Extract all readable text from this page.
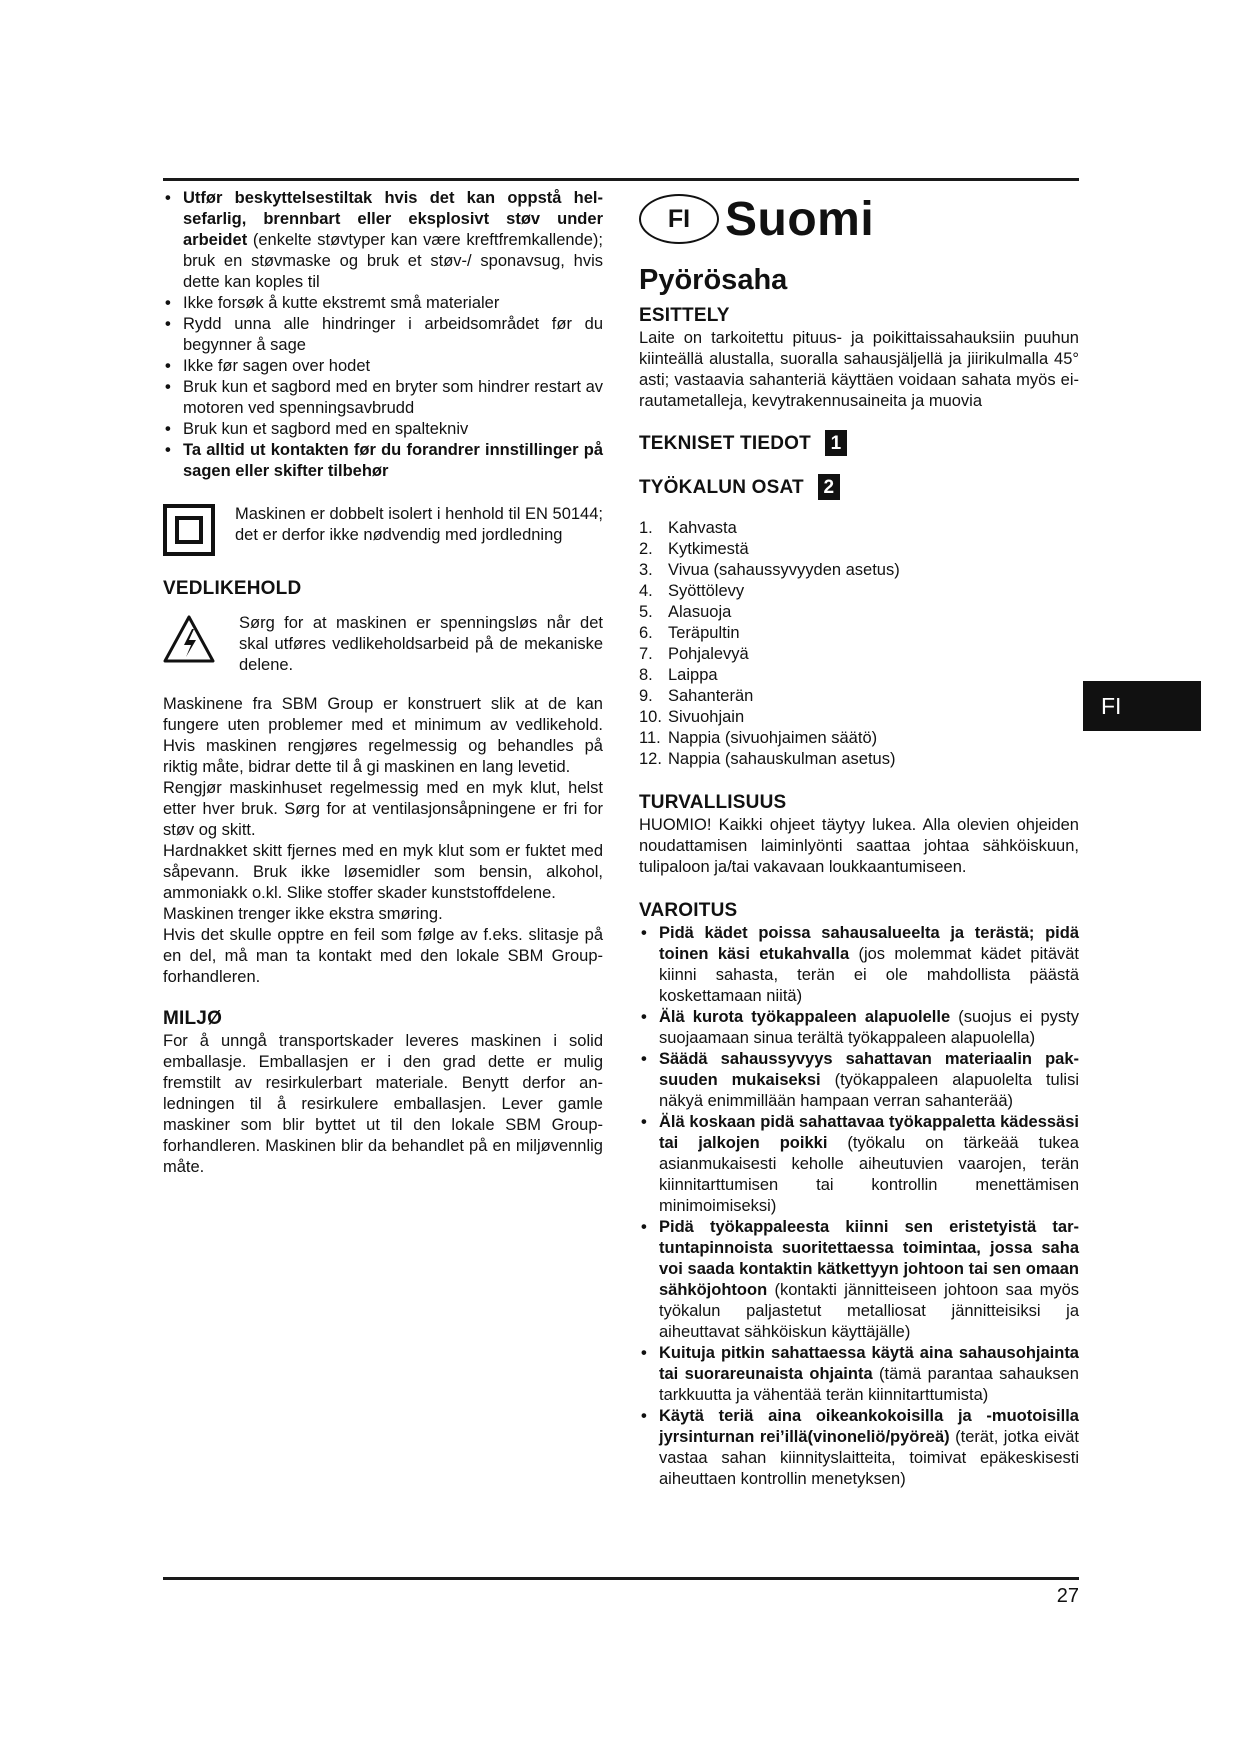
• Utfør beskyttelsestiltak hvis det kan oppstå helsefarlig, brennbart eller eksplosivt støv under arbeidet (enkelte støvtyper kan være kreftfremkallende); bruk en støvmaske og bruk et støv-/ sponavsug, hvis dette kan koples til
• Ikke forsøk å kutte ekstremt små materialer
• Rydd unna alle hindringer i arbeidsområdet før du begynner å sage
• Ikke før sagen over hodet
• Bruk kun et sagbord med en bryter som hindrer restart av motoren ved spenningsavbrudd
• Bruk kun et sagbord med en spaltekniv
• Ta alltid ut kontakten før du forandrer innstillinger på sagen eller skifter tilbehør

Maskinen er dobbelt isolert i henhold til EN 50144; det er derfor ikke nødvendig med jordledning

VEDLIKEHOLD

Sørg for at maskinen er spenningsløs når det skal utføres vedlikeholdsarbeid på de mekaniske delene.

Maskinene fra SBM Group er konstruert slik at de kan fungere uten problemer med et minimum av vedlikehold. Hvis maskinen rengjøres regelmessig og behandles på riktig måte, bidrar dette til å gi maskinen en lang levetid.

Rengjør maskinhuset regelmessig med en myk klut, helst etter hver bruk. Sørg for at ventilasjonsåpningene er fri for støv og skitt.

Hardnakket skitt fjernes med en myk klut som er fuktet med såpevann. Bruk ikke løsemidler som bensin, alkohol, ammoniakk o.kl. Slike stoffer skader kunststoffdelene.

Maskinen trenger ikke ekstra smøring.

Hvis det skulle opptre en feil som følge av f.eks. slitasje på en del, må man ta kontakt med den lokale SBM Group- forhandleren.

MILJØ

For å unngå transportskader leveres maskinen i solid emballasje. Emballasjen er i den grad dette er mulig fremstilt av resirkulerbart materiale. Benytt derfor anledningen til å resirkulere emballasjen. Lever gamle maskiner som blir byttet ut til den lokale SBM Groupforhandleren. Maskinen blir da behandlet på en miljøvennlig måte.

FI Suomi
Pyörösaha
ESITTELY

Laite on tarkoitettu pituus- ja poikittaissahauksiin puuhun kiinteällä alustalla, suoralla sahausjäljellä ja jiirikulmalla 45° asti; vastaavia sahanteriä käyttäen voidaan sahata myös ei-rautametalleja, kevytrakennusaineita ja muovia

TEKNISET TIEDOT	1
TYÖKALUN OSAT	2
1. Kahvasta
2. Kytkimestä
3. Vivua (sahaussyvyyden asetus)
4. Syöttölevy
5. Alasuoja
6. Teräpultin
7. Pohjalevyä
8. Laippa
9. Sahanterän
10. Sivuohjain
11. Nappia (sivuohjaimen säätö)
12. Nappia (sahauskulman asetus)
TURVALLISUUS

HUOMIO! Kaikki ohjeet täytyy lukea. Alla olevien ohjeiden noudattamisen laiminlyönti saattaa johtaa sähköiskuun, tulipaloon ja/tai vakavaan loukkaantumiseen.

VAROITUS
• Pidä kädet poissa sahausalueelta ja terästä; pidä toinen käsi etukahvalla (jos molemmat kädet pitävät kiinni sahasta, terän ei ole mahdollista päästä koskettamaan niitä)
• Älä kurota työkappaleen alapuolelle (suojus ei pysty suojaamaan sinua terältä työkappaleen alapuolella)
• Säädä sahaussyvyys sahattavan materiaalin paksuuden mukaiseksi (työkappaleen alapuolelta tulisi näkyä enimmillään hampaan verran sahanterää)
• Älä koskaan pidä sahattavaa työkappaletta kädessäsi tai jalkojen poikki (työkalu on tärkeää tukea asianmukaisesti keholle aiheutuvien vaarojen, terän kiinnitarttumisen tai kontrollin menettämisen minimoimiseksi)
• Pidä työkappaleesta kiinni sen eristetyistä tartuntapinnoista suoritettaessa toimintaa, jossa saha voi saada kontaktin kätkettyyn johtoon tai sen omaan sähköjohtoon (kontakti jännitteiseen johtoon saa myös työkalun paljastetut metalliosat jännitteisiksi ja aiheuttavat sähköiskun käyttäjälle)
• Kuituja pitkin sahattaessa käytä aina sahausohjainta tai suorareunaista ohjainta (tämä parantaa sahauksen tarkkuutta ja vähentää terän kiinnitarttumista)
• Käytä teriä aina oikeankokoisilla ja -muotoisilla jyrsinturnan rei’illä(vinoneliö/pyöreä) (terät, jotka eivät vastaa sahan kiinnityslaitteita, toimivat epäkeskisesti aiheuttaen kontrollin menetyksen)
FI
27
